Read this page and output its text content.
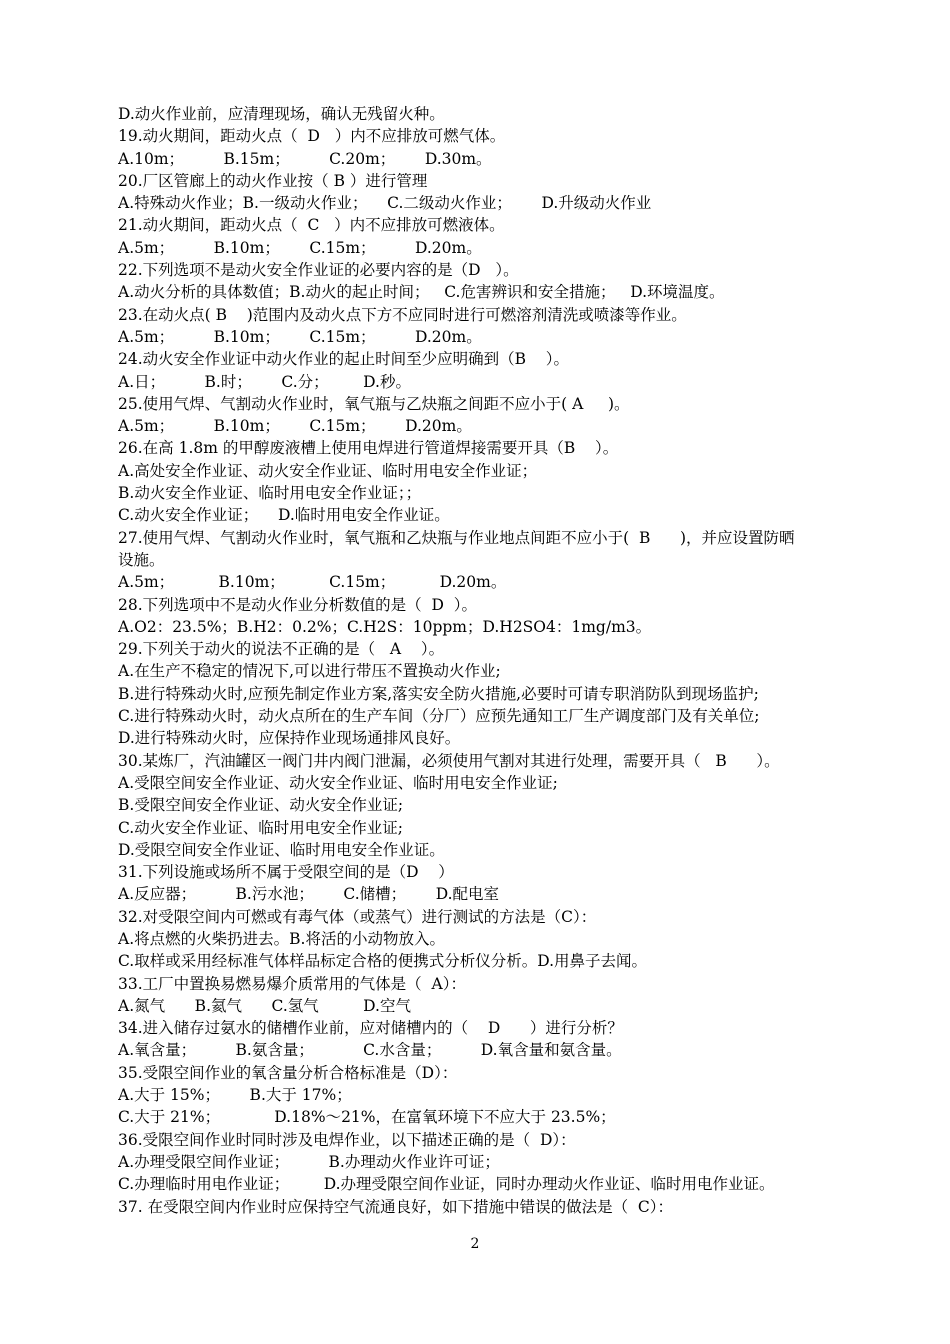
D.动火作业前，应清理现场，确认无残留火种。
19.动火期间，距动火点（  D   ）内不应排放可燃气体。
A.10m；        B.15m；        C.20m；      D.30m。
20.厂区管廊上的动火作业按（ B ）进行管理
A.特殊动火作业；B.一级动火作业；    C.二级动火作业；      D.升级动火作业
21.动火期间，距动火点（  C   ）内不应排放可燃液体。
A.5m；        B.10m；      C.15m；        D.20m。
22.下列选项不是动火安全作业证的必要内容的是（D   ）。
A.动火分析的具体数值；B.动火的起止时间；   C.危害辨识和安全措施；   D.环境温度。
23.在动火点( B    )范围内及动火点下方不应同时进行可燃溶剂清洗或喷漆等作业。
A.5m；        B.10m；      C.15m；        D.20m。
24.动火安全作业证中动火作业的起止时间至少应明确到（B    ）。
A.日；        B.时；      C.分；       D.秒。
25.使用气焊、气割动火作业时，氧气瓶与乙炔瓶之间距不应小于( A     )。
A.5m；        B.10m；      C.15m；      D.20m。
26.在高 1.8m 的甲醇废液槽上使用电焊进行管道焊接需要开具（B    ）。
A.高处安全作业证、动火安全作业证、临时用电安全作业证；
B.动火安全作业证、临时用电安全作业证；；
C.动火安全作业证；    D.临时用电安全作业证。
27.使用气焊、气割动火作业时，氧气瓶和乙炔瓶与作业地点间距不应小于(  B      )，并应设置防晒
设施。
A.5m；         B.10m；         C.15m；         D.20m。
28.下列选项中不是动火作业分析数值的是（  D  ）。
A.O2：23.5%；B.H2：0.2%；C.H2S：10ppm；D.H2SO4：1mg/m3。
29.下列关于动火的说法不正确的是（   A    ）。
A.在生产不稳定的情况下,可以进行带压不置换动火作业;
B.进行特殊动火时,应预先制定作业方案,落实安全防火措施,必要时可请专职消防队到现场监护;
C.进行特殊动火时，动火点所在的生产车间（分厂）应预先通知工厂生产调度部门及有关单位;
D.进行特殊动火时，应保持作业现场通排风良好。
30.某炼厂，汽油罐区一阀门井内阀门泄漏，必须使用气割对其进行处理，需要开具（   B      ）。
A.受限空间安全作业证、动火安全作业证、临时用电安全作业证;
B.受限空间安全作业证、动火安全作业证;
C.动火安全作业证、临时用电安全作业证;
D.受限空间安全作业证、临时用电安全作业证。
31.下列设施或场所不属于受限空间的是（D    ）
A.反应器；        B.污水池；      C.储槽；      D.配电室
32.对受限空间内可燃或有毒气体（或蒸气）进行测试的方法是（C）：
A.将点燃的火柴扔进去。B.将活的小动物放入。
C.取样或采用经标准气体样品标定合格的便携式分析仪分析。D.用鼻子去闻。
33.工厂中置换易燃易爆介质常用的气体是（  A）：
A.氮气      B.氦气      C.氢气         D.空气
34.进入储存过氨水的储槽作业前，应对储槽内的（    D      ）进行分析？
A.氧含量；        B.氨含量；          C.水含量；        D.氧含量和氨含量。
35.受限空间作业的氧含量分析合格标准是（D）：
A.大于 15%；      B.大于 17%；
C.大于 21%；           D.18%～21%，在富氧环境下不应大于 23.5%；
36.受限空间作业时同时涉及电焊作业，以下描述正确的是（  D）：
A.办理受限空间作业证；        B.办理动火作业许可证；
C.办理临时用电作业证；       D.办理受限空间作业证，同时办理动火作业证、临时用电作业证。
37. 在受限空间内作业时应保持空气流通良好，如下措施中错误的做法是（  C）：
2
